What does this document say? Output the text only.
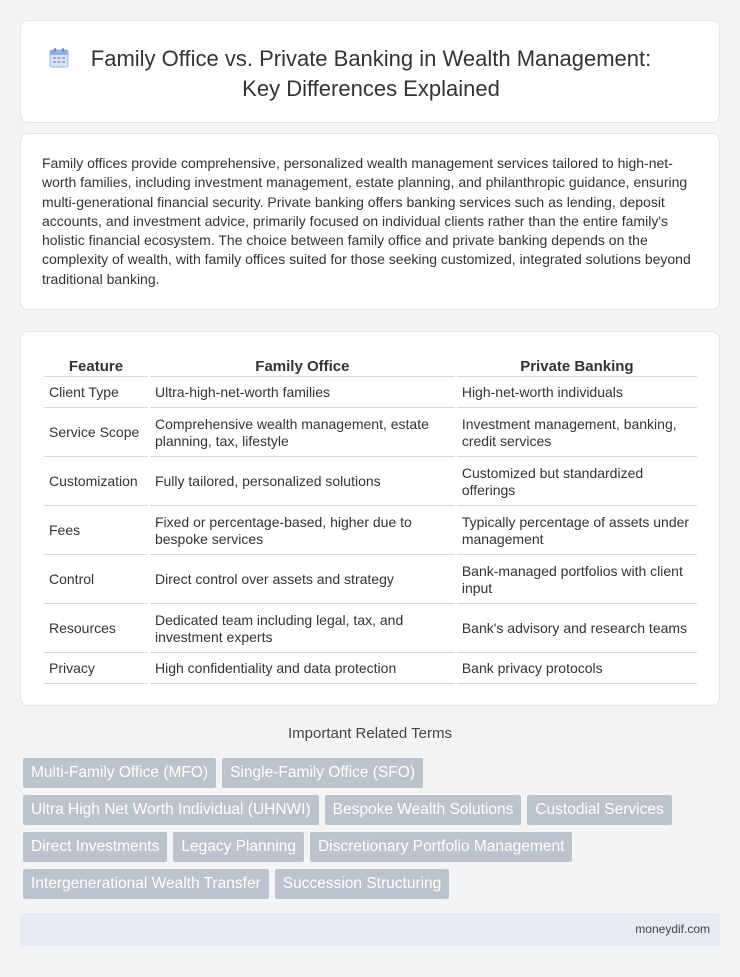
Family Office vs. Private Banking in Wealth Management:
Key Differences Explained

Family offices provide comprehensive, personalized wealth management services tailored to high-net-worth families, including investment management, estate planning, and philanthropic guidance, ensuring multi-generational financial security. Private banking offers banking services such as lending, deposit accounts, and investment advice, primarily focused on individual clients rather than the entire family's holistic financial ecosystem. The choice between family office and private banking depends on the complexity of wealth, with family offices suited for those seeking customized, integrated solutions beyond traditional banking.

Feature	Family Office	Private Banking
Client Type	Ultra-high-net-worth families	High-net-worth individuals
Service Scope	Comprehensive wealth management, estate planning, tax, lifestyle	Investment management, banking, credit services
Customization	Fully tailored, personalized solutions	Customized but standardized offerings
Fees	Fixed or percentage-based, higher due to bespoke services	Typically percentage of assets under management
Control	Direct control over assets and strategy	Bank-managed portfolios with client input
Resources	Dedicated team including legal, tax, and investment experts	Bank's advisory and research teams
Privacy	High confidentiality and data protection	Bank privacy protocols
Important Related Terms
Multi-Family Office (MFO)	Single-Family Office (SFO)
Ultra High Net Worth Individual (UHNWI)	Bespoke Wealth Solutions	Custodial Services
Direct Investments	Legacy Planning	Discretionary Portfolio Management
Intergenerational Wealth Transfer	Succession Structuring
moneydif.com
